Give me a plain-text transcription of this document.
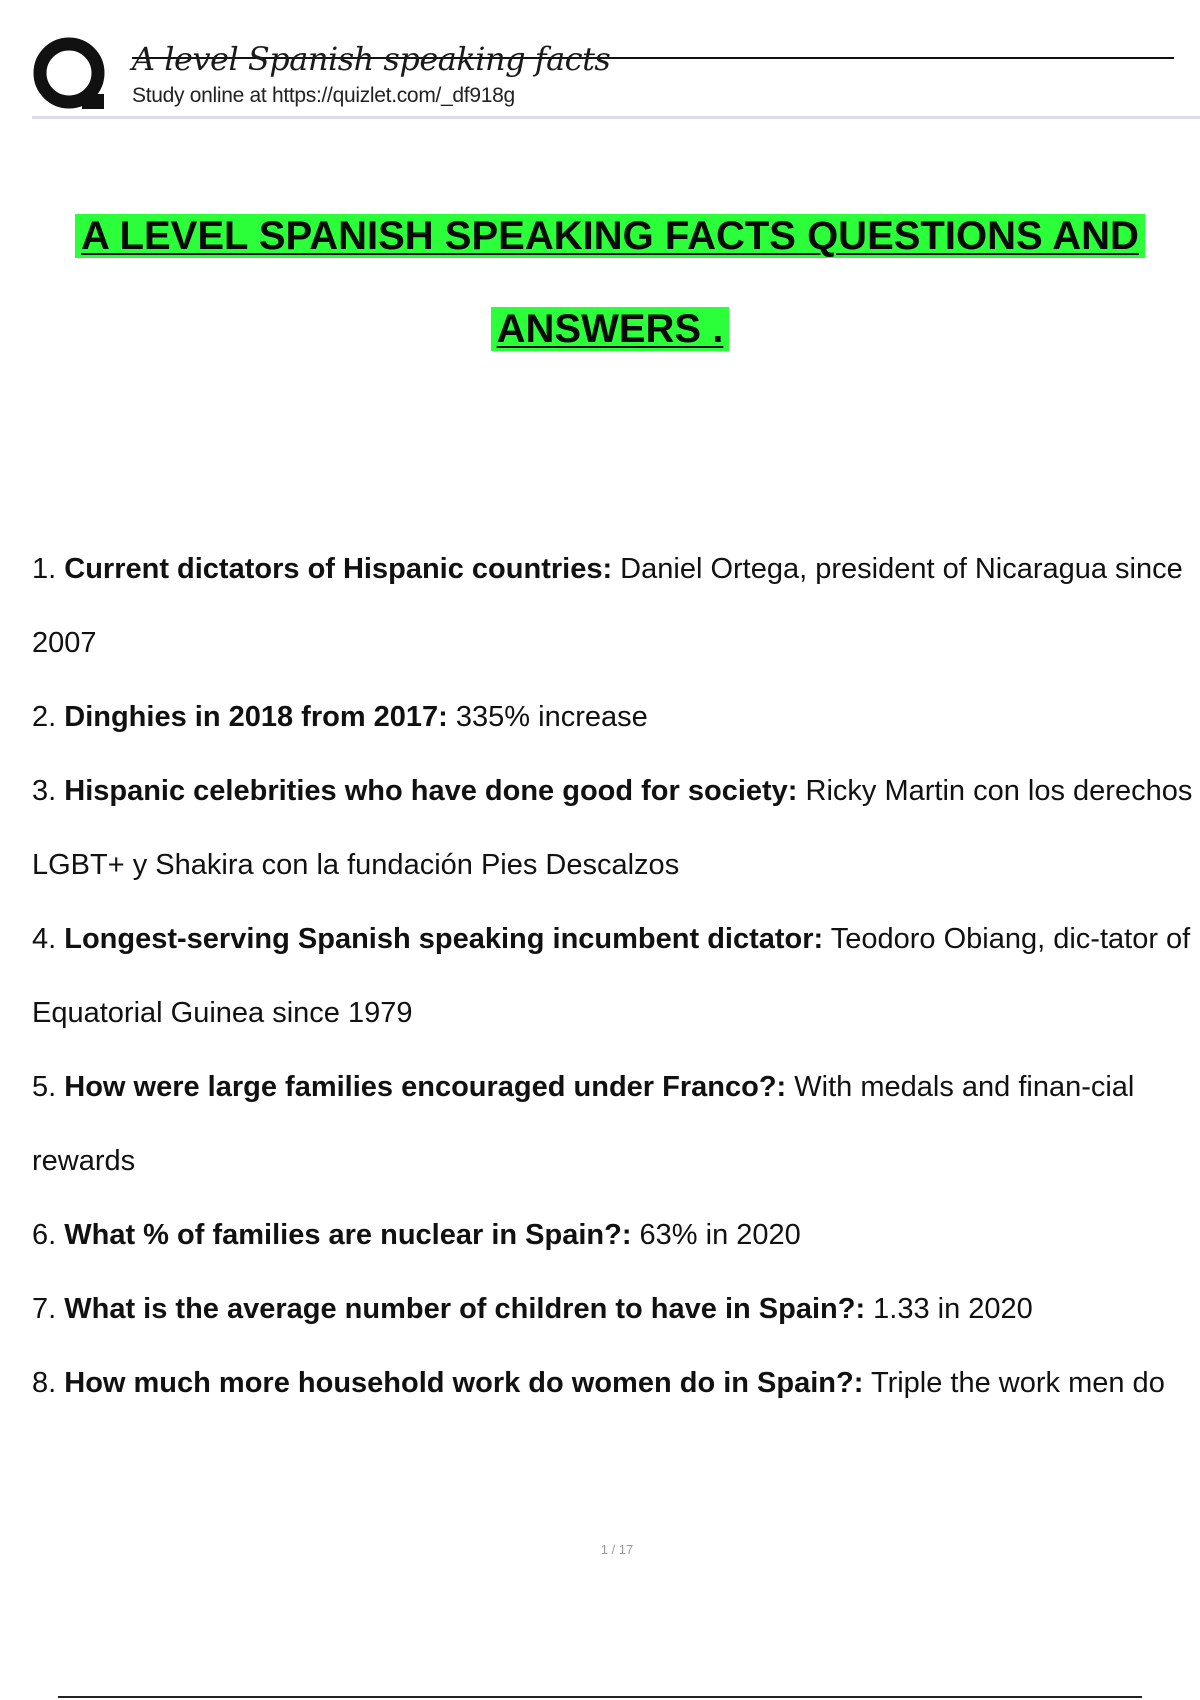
A level Spanish speaking facts
Study online at https://quizlet.com/_df918g
A LEVEL SPANISH SPEAKING FACTS QUESTIONS AND
ANSWERS .
1. Current dictators of Hispanic countries: Daniel Ortega, president of Nicaragua since 2007
2. Dinghies in 2018 from 2017: 335% increase
3. Hispanic celebrities who have done good for society: Ricky Martin con los derechos LGBT+ y Shakira con la fundación Pies Descalzos
4. Longest-serving Spanish speaking incumbent dictator: Teodoro Obiang, dic-tator of Equatorial Guinea since 1979
5. How were large families encouraged under Franco?: With medals and finan-cial rewards
6. What % of families are nuclear in Spain?: 63% in 2020
7. What is the average number of children to have in Spain?: 1.33 in 2020
8. How much more household work do women do in Spain?: Triple the work men do
1 / 17
